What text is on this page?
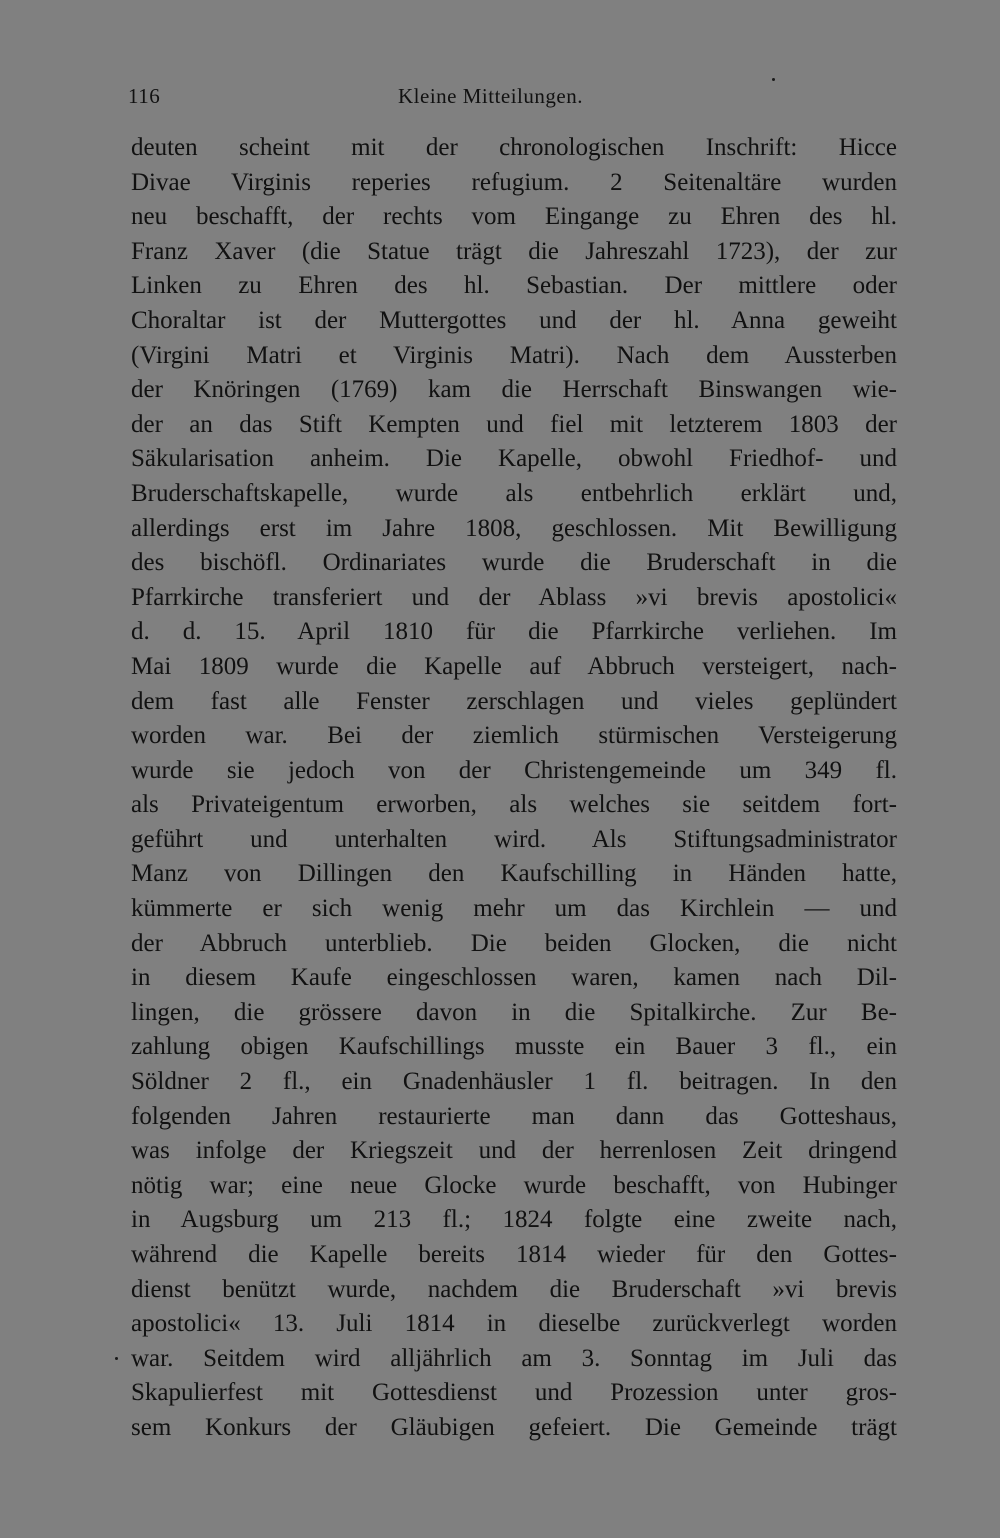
116	Kleine Mitteilungen.
deuten scheint mit der chronologischen Inschrift: Hicce
Divae Virginis reperies refugium. 2 Seitenaltäre wurden
neu beschafft, der rechts vom Eingange zu Ehren des hl.
Franz Xaver (die Statue trägt die Jahreszahl 1723), der zur
Linken zu Ehren des hl. Sebastian. Der mittlere oder
Choraltar ist der Muttergottes und der hl. Anna geweiht
(Virgini Matri et Virginis Matri). Nach dem Aussterben
der Knöringen (1769) kam die Herrschaft Binswangen wie-
der an das Stift Kempten und fiel mit letzterem 1803 der
Säkularisation anheim. Die Kapelle, obwohl Friedhof- und
Bruderschaftskapelle, wurde als entbehrlich erklärt und,
allerdings erst im Jahre 1808, geschlossen. Mit Bewilligung
des bischöfl. Ordinariates wurde die Bruderschaft in die
Pfarrkirche transferiert und der Ablass »vi brevis apostolici«
d. d. 15. April 1810 für die Pfarrkirche verliehen. Im
Mai 1809 wurde die Kapelle auf Abbruch versteigert, nach-
dem fast alle Fenster zerschlagen und vieles geplündert
worden war. Bei der ziemlich stürmischen Versteigerung
wurde sie jedoch von der Christengemeinde um 349 fl.
als Privateigentum erworben, als welches sie seitdem fort-
geführt und unterhalten wird. Als Stiftungsadministrator
Manz von Dillingen den Kaufschilling in Händen hatte,
kümmerte er sich wenig mehr um das Kirchlein — und
der Abbruch unterblieb. Die beiden Glocken, die nicht
in diesem Kaufe eingeschlossen waren, kamen nach Dil-
lingen, die grössere davon in die Spitalkirche. Zur Be-
zahlung obigen Kaufschillings musste ein Bauer 3 fl., ein
Söldner 2 fl., ein Gnadenhäusler 1 fl. beitragen. In den
folgenden Jahren restaurierte man dann das Gotteshaus,
was infolge der Kriegszeit und der herrenlosen Zeit dringend
nötig war; eine neue Glocke wurde beschafft, von Hubinger
in Augsburg um 213 fl.; 1824 folgte eine zweite nach,
während die Kapelle bereits 1814 wieder für den Gottes-
dienst benützt wurde, nachdem die Bruderschaft »vi brevis
apostolici« 13. Juli 1814 in dieselbe zurückverlegt worden
war. Seitdem wird alljährlich am 3. Sonntag im Juli das
Skapulierfest mit Gottesdienst und Prozession unter gros-
sem Konkurs der Gläubigen gefeiert. Die Gemeinde trägt
